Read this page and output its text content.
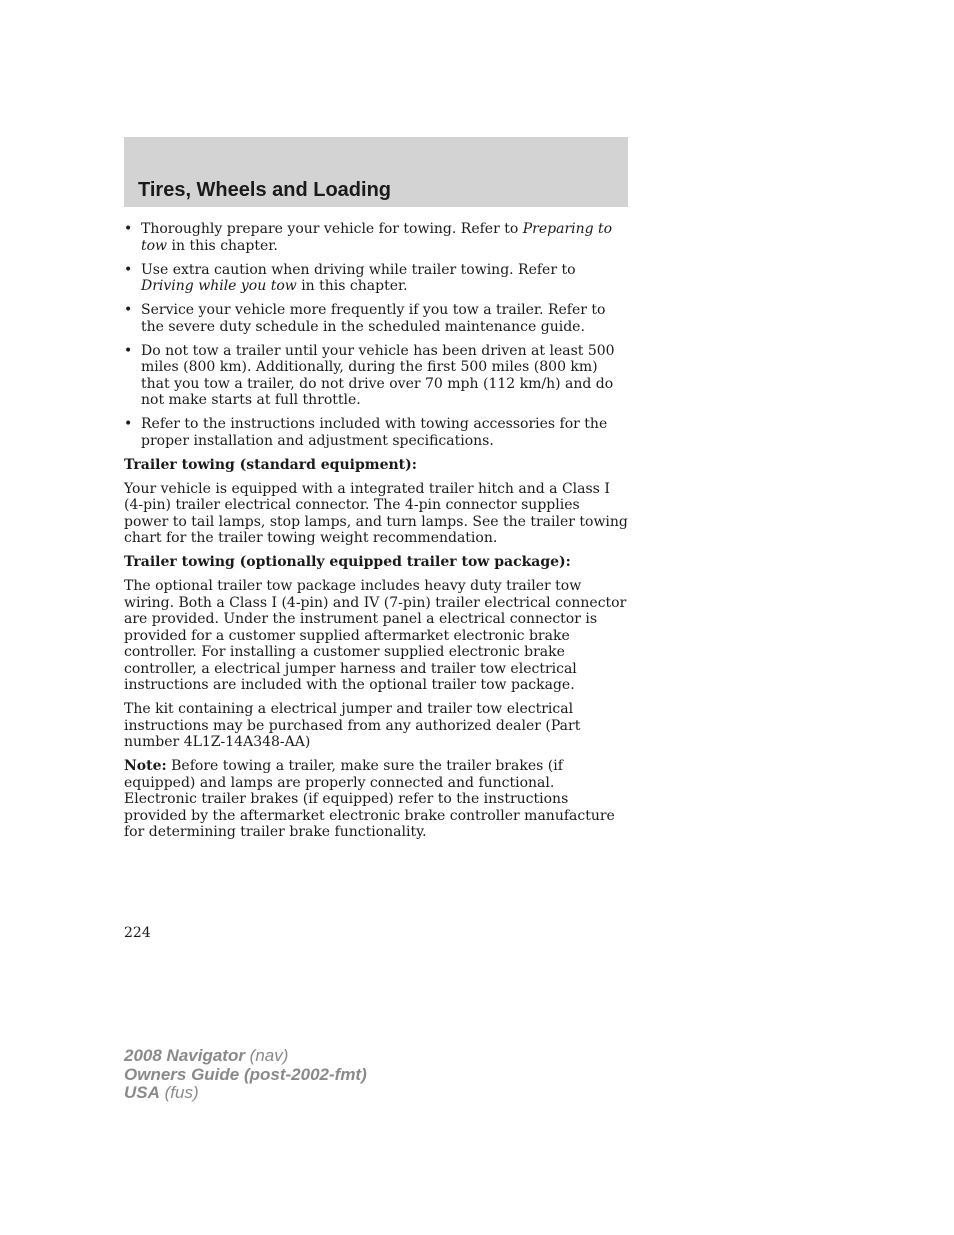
Tires, Wheels and Loading
• Thoroughly prepare your vehicle for towing. Refer to Preparing to tow in this chapter.
• Use extra caution when driving while trailer towing. Refer to Driving while you tow in this chapter.
• Service your vehicle more frequently if you tow a trailer. Refer to the severe duty schedule in the scheduled maintenance guide.
• Do not tow a trailer until your vehicle has been driven at least 500 miles (800 km). Additionally, during the first 500 miles (800 km) that you tow a trailer, do not drive over 70 mph (112 km/h) and do not make starts at full throttle.
• Refer to the instructions included with towing accessories for the proper installation and adjustment specifications.

Trailer towing (standard equipment):

Your vehicle is equipped with a integrated trailer hitch and a Class I (4-pin) trailer electrical connector. The 4-pin connector supplies power to tail lamps, stop lamps, and turn lamps. See the trailer towing chart for the trailer towing weight recommendation.

Trailer towing (optionally equipped trailer tow package):

The optional trailer tow package includes heavy duty trailer tow wiring. Both a Class I (4-pin) and IV (7-pin) trailer electrical connector are provided. Under the instrument panel a electrical connector is provided for a customer supplied aftermarket electronic brake controller. For installing a customer supplied electronic brake controller, a electrical jumper harness and trailer tow electrical instructions are included with the optional trailer tow package.

The kit containing a electrical jumper and trailer tow electrical instructions may be purchased from any authorized dealer (Part number 4L1Z-14A348-AA)

Note: Before towing a trailer, make sure the trailer brakes (if equipped) and lamps are properly connected and functional. Electronic trailer brakes (if equipped) refer to the instructions provided by the aftermarket electronic brake controller manufacture for determining trailer brake functionality.

224
2008 Navigator (nav)
Owners Guide (post-2002-fmt)
USA (fus)
